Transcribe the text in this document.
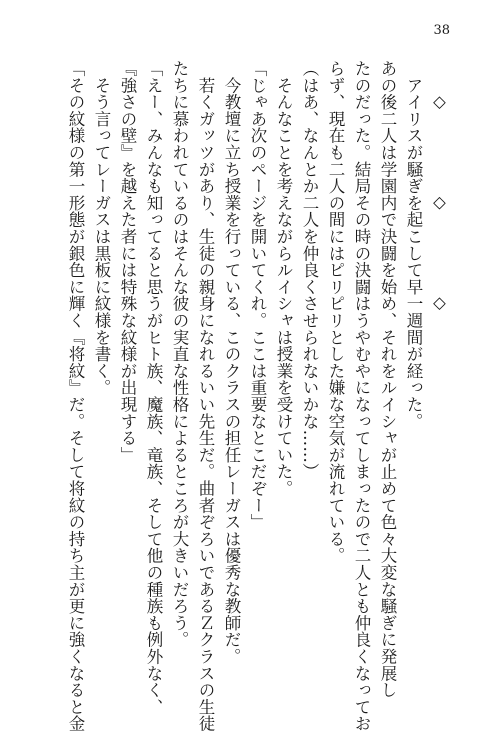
38
◇　　　◇　　　◇
　アイリスが騒ぎを起こして早一週間が経った。
あの後二人は学園内で決闘を始め、それをルイシャが止めて色々大変な騒ぎに発展し
たのだった。結局その時の決闘はうやむやになってしまったので二人とも仲良くなってお
らず、現在も二人の間にはピリピリとした嫌な空気が流れている。
（はあ、なんとか二人を仲良くさせられないかな……）
　そんなことを考えながらルイシャは授業を受けていた。
「じゃあ次のページを開いてくれ。ここは重要なとこだぞー」
　今教壇に立ち授業を行っている、このクラスの担任レーガスは優秀な教師だ。
　若くガッツがあり、生徒の親身になれるいい先生だ。曲者ぞろいであるＺクラスの生徒
たちに慕われているのはそんな彼の実直な性格によるところが大きいだろう。
「えー、みんなも知ってると思うがヒト族、魔族、竜族、そして他の種族も例外なく、
『強さの壁』を越えた者には特殊な紋様が出現する」
　そう言ってレーガスは黒板に紋様を書く。
「その紋様の第一形態が銀色に輝く『将紋』だ。そして将紋の持ち主が更に強くなると金
